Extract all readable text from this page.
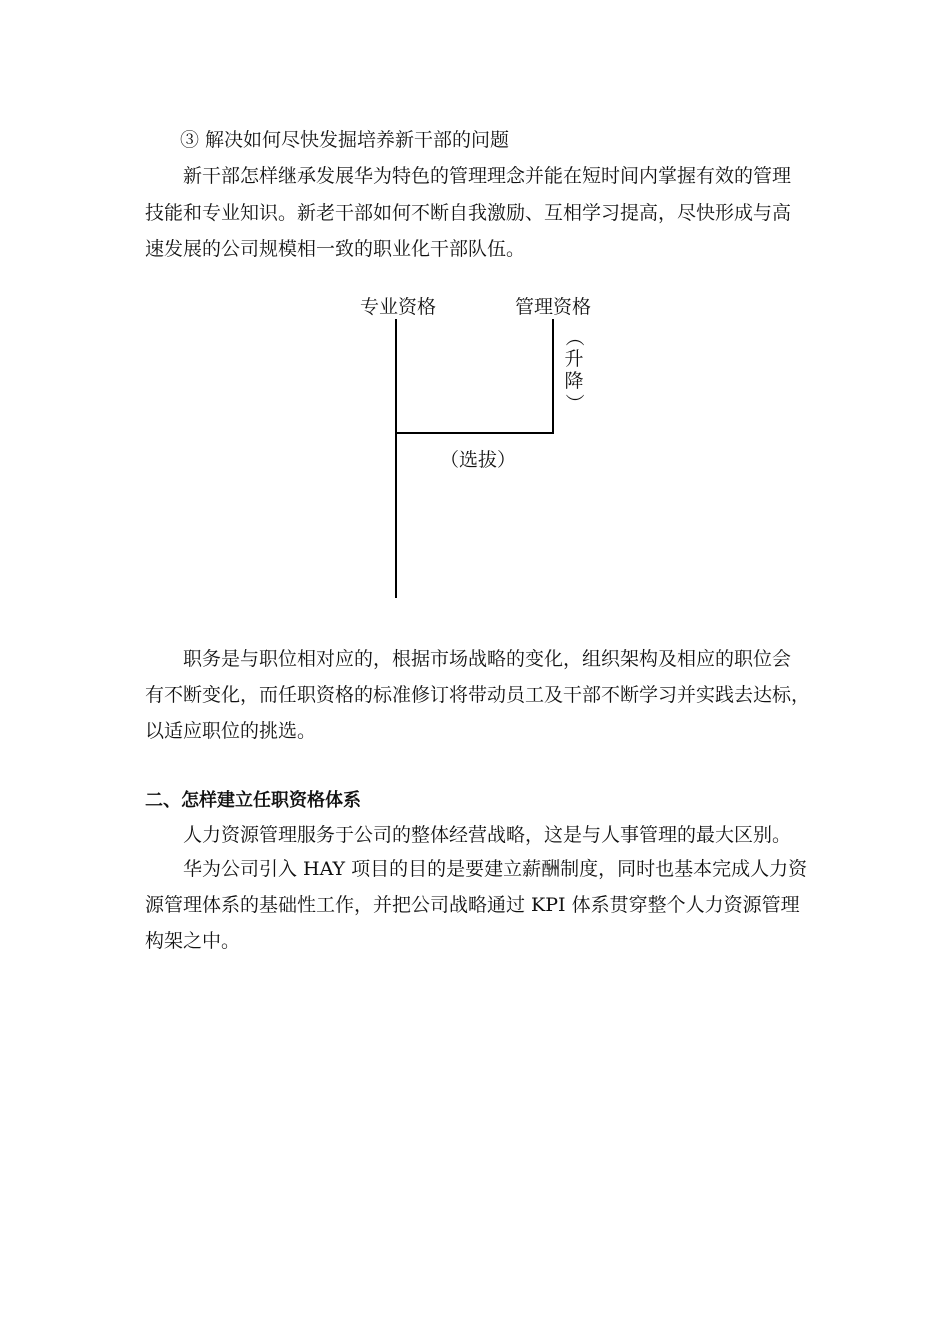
③ 解决如何尽快发掘培养新干部的问题
新干部怎样继承发展华为特色的管理理念并能在短时间内掌握有效的管理
技能和专业知识。新老干部如何不断自我激励、互相学习提高，尽快形成与高
速发展的公司规模相一致的职业化干部队伍。
专业资格	管理资格
（
升
降
）
（选拔）
职务是与职位相对应的，根据市场战略的变化，组织架构及相应的职位会
有不断变化，而任职资格的标准修订将带动员工及干部不断学习并实践去达标，
以适应职位的挑选。
二、怎样建立任职资格体系
人力资源管理服务于公司的整体经营战略，这是与人事管理的最大区别。
华为公司引入 HAY 项目的目的是要建立薪酬制度，同时也基本完成人力资
源管理体系的基础性工作，并把公司战略通过 KPI 体系贯穿整个人力资源管理
构架之中。
